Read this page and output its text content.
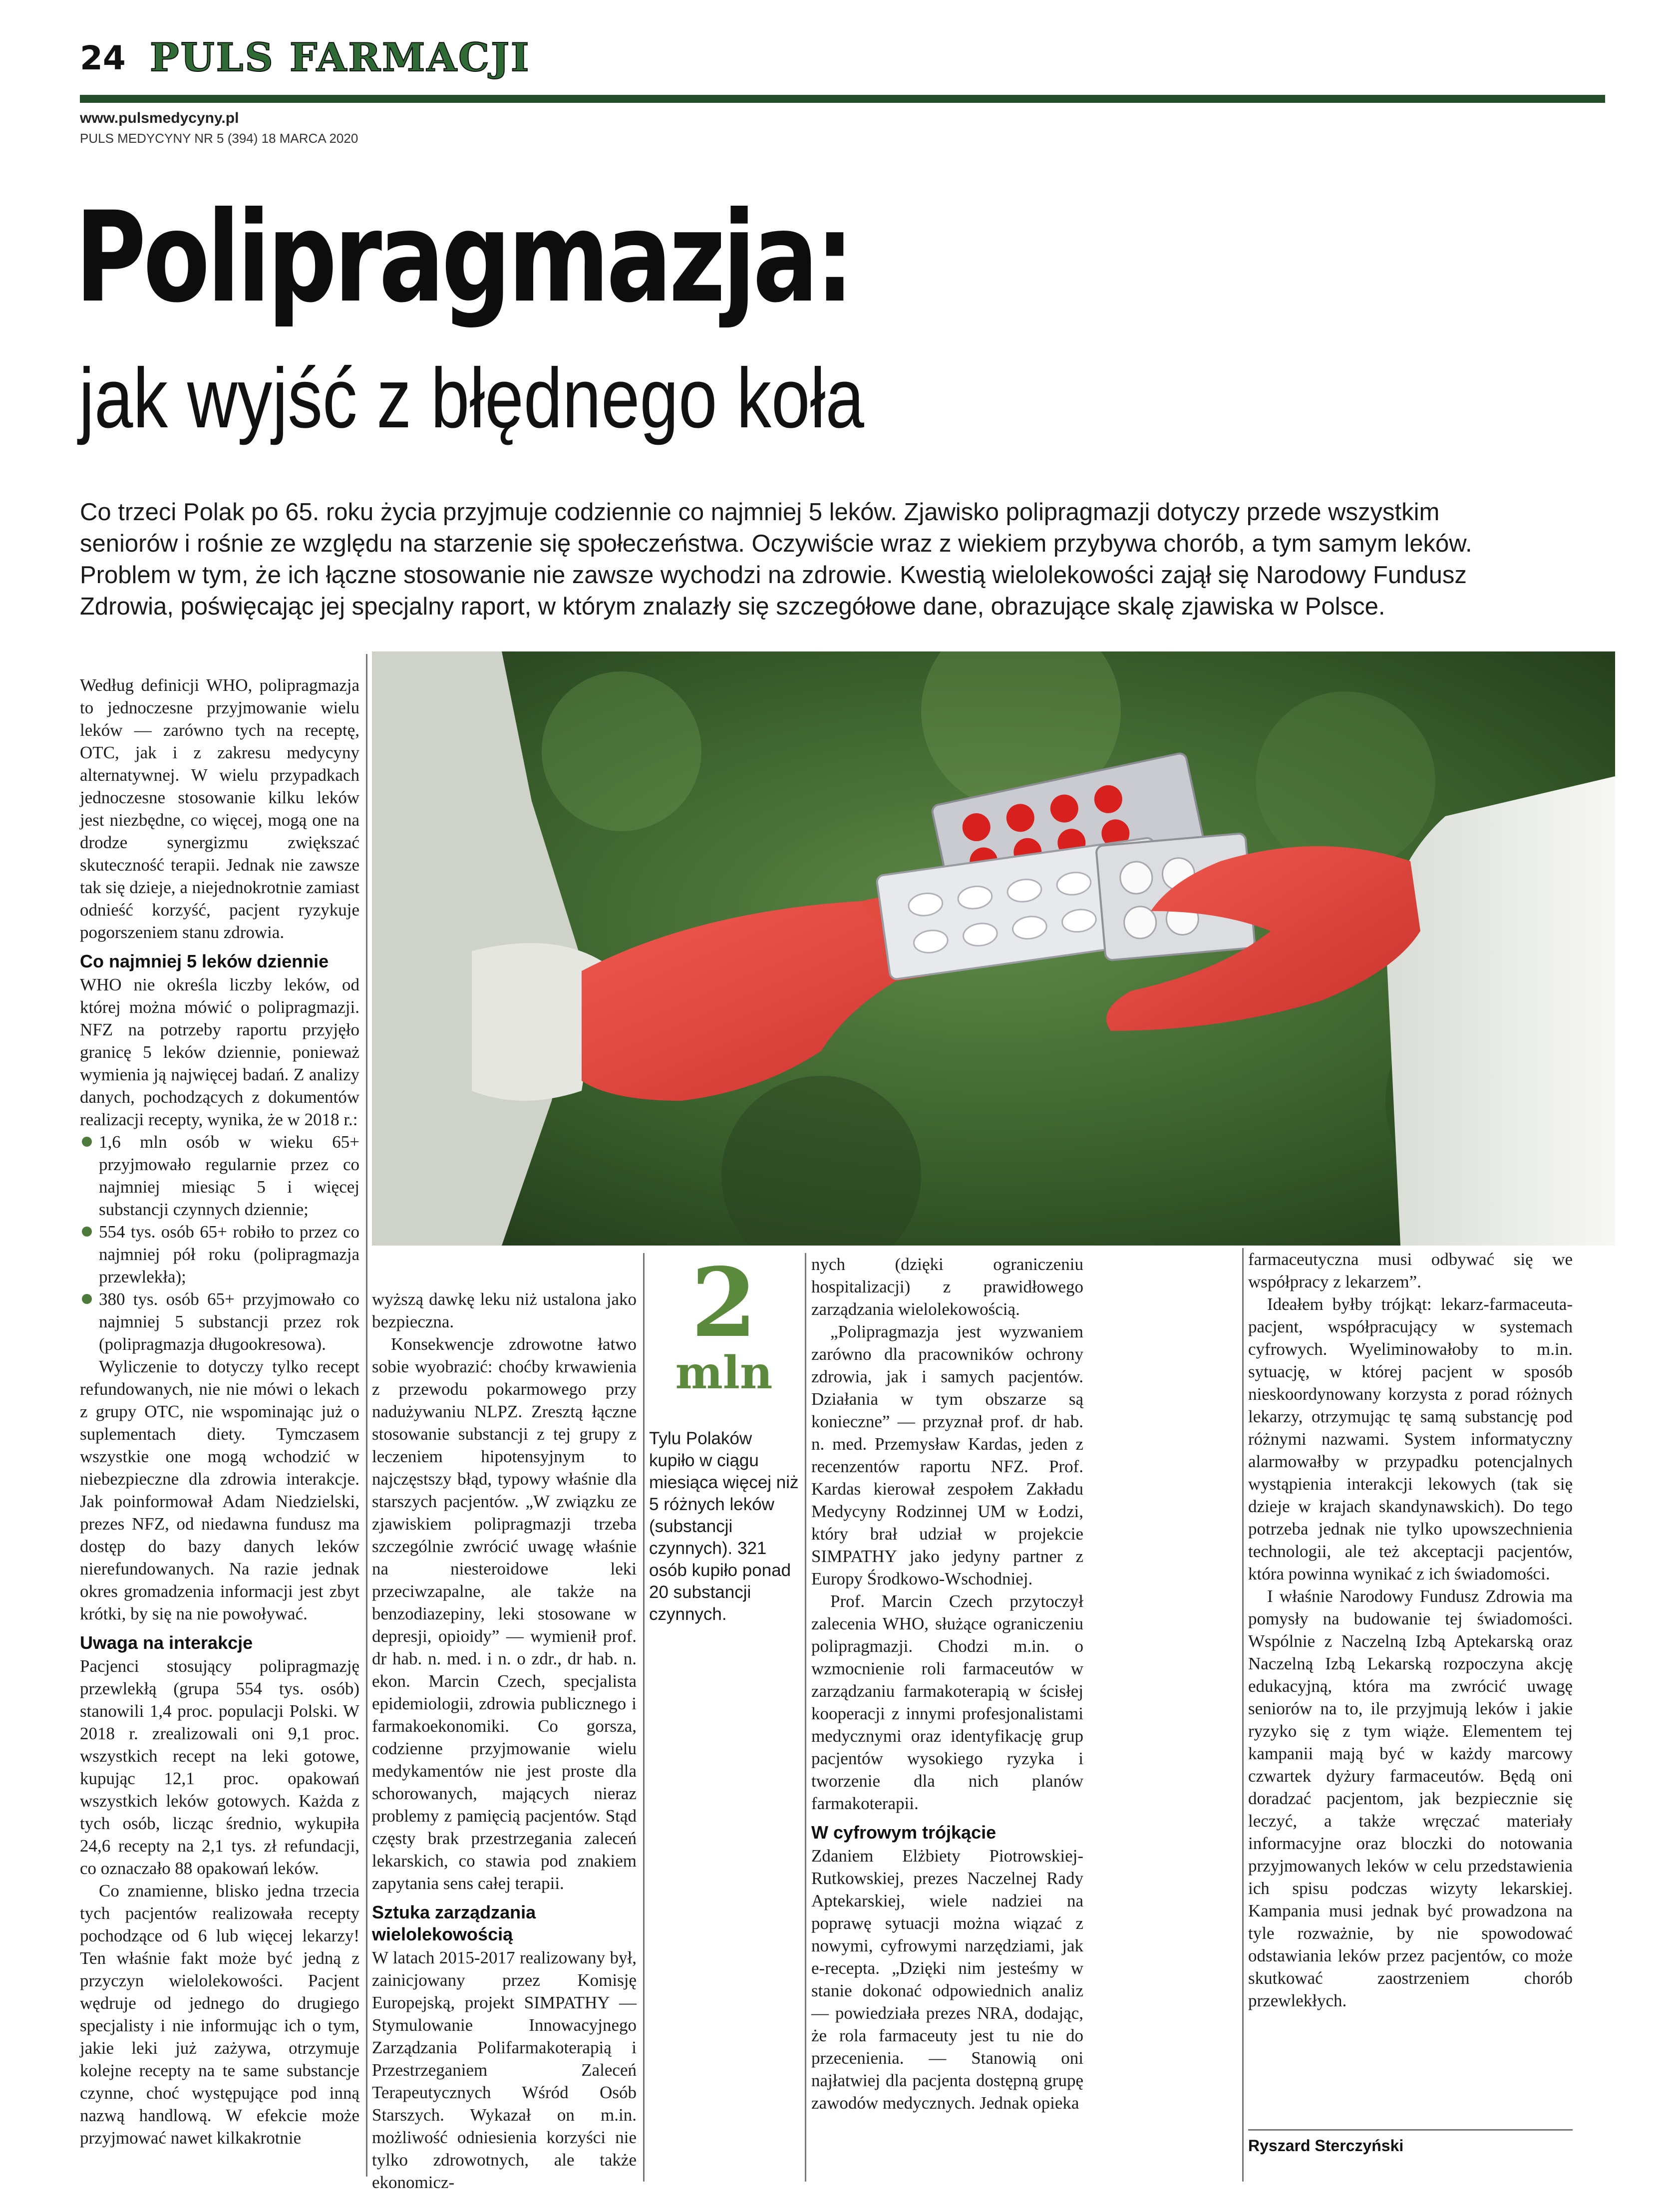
24 PULS FARMACJI
www.pulsmedycyny.pl
PULS MEDYCYNY NR 5 (394) 18 MARCA 2020
Polipragmazja:
jak wyjść z błędnego koła
Co trzeci Polak po 65. roku życia przyjmuje codziennie co najmniej 5 leków. Zjawisko polipragmazji dotyczy przede wszystkim seniorów i rośnie ze względu na starzenie się społeczeństwa. Oczywiście wraz z wiekiem przybywa chorób, a tym samym leków. Problem w tym, że ich łączne stosowanie nie zawsze wychodzi na zdrowie. Kwestią wielolekowości zajął się Narodowy Fundusz Zdrowia, poświęcając jej specjalny raport, w którym znalazły się szczegółowe dane, obrazujące skalę zjawiska w Polsce.

Według definicji WHO, polipragmazja to jednoczesne przyjmowanie wielu leków — zarówno tych na receptę, OTC, jak i z zakresu medycyny alternatywnej. W wielu przypadkach jednoczesne stosowanie kilku leków jest niezbędne, co więcej, mogą one na drodze synergizmu zwiększać skuteczność terapii. Jednak nie zawsze tak się dzieje, a niejednokrotnie zamiast odnieść korzyść, pacjent ryzykuje pogorszeniem stanu zdrowia.

Co najmniej 5 leków dziennie

WHO nie określa liczby leków, od której można mówić o polipragmazji. NFZ na potrzeby raportu przyjęło granicę 5 leków dziennie, ponieważ wymienia ją najwięcej badań. Z analizy danych, pochodzących z dokumentów realizacji recepty, wynika, że w 2018 r.:

1,6 mln osób w wieku 65+ przyjmowało regularnie przez co najmniej miesiąc 5 i więcej substancji czynnych dziennie;
554 tys. osób 65+ robiło to przez co najmniej pół roku (polipragmazja przewlekła);
380 tys. osób 65+ przyjmowało co najmniej 5 substancji przez rok (polipragmazja długookresowa).

Wyliczenie to dotyczy tylko recept refundowanych, nie nie mówi o lekach z grupy OTC, nie wspominając już o suplementach diety. Tymczasem wszystkie one mogą wchodzić w niebezpieczne dla zdrowia interakcje. Jak poinformował Adam Niedzielski, prezes NFZ, od niedawna fundusz ma dostęp do bazy danych leków nierefundowanych. Na razie jednak okres gromadzenia informacji jest zbyt krótki, by się na nie powoływać.

Uwaga na interakcje

Pacjenci stosujący polipragmazję przewlekłą (grupa 554 tys. osób) stanowili 1,4 proc. populacji Polski. W 2018 r. zrealizowali oni 9,1 proc. wszystkich recept na leki gotowe, kupując 12,1 proc. opakowań wszystkich leków gotowych. Każda z tych osób, licząc średnio, wykupiła 24,6 recepty na 2,1 tys. zł refundacji, co oznaczało 88 opakowań leków.

Co znamienne, blisko jedna trzecia tych pacjentów realizowała recepty pochodzące od 6 lub więcej lekarzy! Ten właśnie fakt może być jedną z przyczyn wielolekowości. Pacjent wędruje od jednego do drugiego specjalisty i nie informując ich o tym, jakie leki już zażywa, otrzymuje kolejne recepty na te same substancje czynne, choć występujące pod inną nazwą handlową. W efekcie może przyjmować nawet kilkakrotnie

wyższą dawkę leku niż ustalona jako bezpieczna.

Konsekwencje zdrowotne łatwo sobie wyobrazić: choćby krwawienia z przewodu pokarmowego przy nadużywaniu NLPZ. Zresztą łączne stosowanie substancji z tej grupy z leczeniem hipotensyjnym to najczęstszy błąd, typowy właśnie dla starszych pacjentów. „W związku ze zjawiskiem polipragmazji trzeba szczególnie zwrócić uwagę właśnie na niesteroidowe leki przeciwzapalne, ale także na benzodiazepiny, leki stosowane w depresji, opioidy” — wymienił prof. dr hab. n. med. i n. o zdr., dr hab. n. ekon. Marcin Czech, specjalista epidemiologii, zdrowia publicznego i farmakoekonomiki. Co gorsza, codzienne przyjmowanie wielu medykamentów nie jest proste dla schorowanych, mających nieraz problemy z pamięcią pacjentów. Stąd częsty brak przestrzegania zaleceń lekarskich, co stawia pod znakiem zapytania sens całej terapii.

Sztuka zarządzania wielolekowością

W latach 2015-2017 realizowany był, zainicjowany przez Komisję Europejską, projekt SIMPATHY — Stymulowanie Innowacyjnego Zarządzania Polifarmakoterapią i Przestrzeganiem Zaleceń Terapeutycznych Wśród Osób Starszych. Wykazał on m.in. możliwość odniesienia korzyści nie tylko zdrowotnych, ale także ekonomicz-

2
mln
Tylu Polaków kupiło w ciągu miesiąca więcej niż 5 różnych leków (substancji czynnych). 321 osób kupiło ponad 20 substancji czynnych.

nych (dzięki ograniczeniu hospitalizacji) z prawidłowego zarządzania wielolekowością.

„Polipragmazja jest wyzwaniem zarówno dla pracowników ochrony zdrowia, jak i samych pacjentów. Działania w tym obszarze są konieczne” — przyznał prof. dr hab. n. med. Przemysław Kardas, jeden z recenzentów raportu NFZ. Prof. Kardas kierował zespołem Zakładu Medycyny Rodzinnej UM w Łodzi, który brał udział w projekcie SIMPATHY jako jedyny partner z Europy Środkowo-Wschodniej.

Prof. Marcin Czech przytoczył zalecenia WHO, służące ograniczeniu polipragmazji. Chodzi m.in. o wzmocnienie roli farmaceutów w zarządzaniu farmakoterapią w ścisłej kooperacji z innymi profesjonalistami medycznymi oraz identyfikację grup pacjentów wysokiego ryzyka i tworzenie dla nich planów farmakoterapii.

W cyfrowym trójkącie

Zdaniem Elżbiety Piotrowskiej-Rutkowskiej, prezes Naczelnej Rady Aptekarskiej, wiele nadziei na poprawę sytuacji można wiązać z nowymi, cyfrowymi narzędziami, jak e-recepta. „Dzięki nim jesteśmy w stanie dokonać odpowiednich analiz — powiedziała prezes NRA, dodając, że rola farmaceuty jest tu nie do przecenienia. — Stanowią oni najłatwiej dla pacjenta dostępną grupę zawodów medycznych. Jednak opieka

farmaceutyczna musi odbywać się we współpracy z lekarzem”.

Ideałem byłby trójkąt: lekarz-farmaceuta-pacjent, współpracujący w systemach cyfrowych. Wyeliminowałoby to m.in. sytuację, w której pacjent w sposób nieskoordynowany korzysta z porad różnych lekarzy, otrzymując tę samą substancję pod różnymi nazwami. System informatyczny alarmowałby w przypadku potencjalnych wystąpienia interakcji lekowych (tak się dzieje w krajach skandynawskich). Do tego potrzeba jednak nie tylko upowszechnienia technologii, ale też akceptacji pacjentów, która powinna wynikać z ich świadomości.

I właśnie Narodowy Fundusz Zdrowia ma pomysły na budowanie tej świadomości. Wspólnie z Naczelną Izbą Aptekarską oraz Naczelną Izbą Lekarską rozpoczyna akcję edukacyjną, która ma zwrócić uwagę seniorów na to, ile przyjmują leków i jakie ryzyko się z tym wiąże. Elementem tej kampanii mają być w każdy marcowy czwartek dyżury farmaceutów. Będą oni doradzać pacjentom, jak bezpiecznie się leczyć, a także wręczać materiały informacyjne oraz bloczki do notowania przyjmowanych leków w celu przedstawienia ich spisu podczas wizyty lekarskiej. Kampania musi jednak być prowadzona na tyle rozważnie, by nie spowodować odstawiania leków przez pacjentów, co może skutkować zaostrzeniem chorób przewlekłych.

Ryszard Sterczyński
